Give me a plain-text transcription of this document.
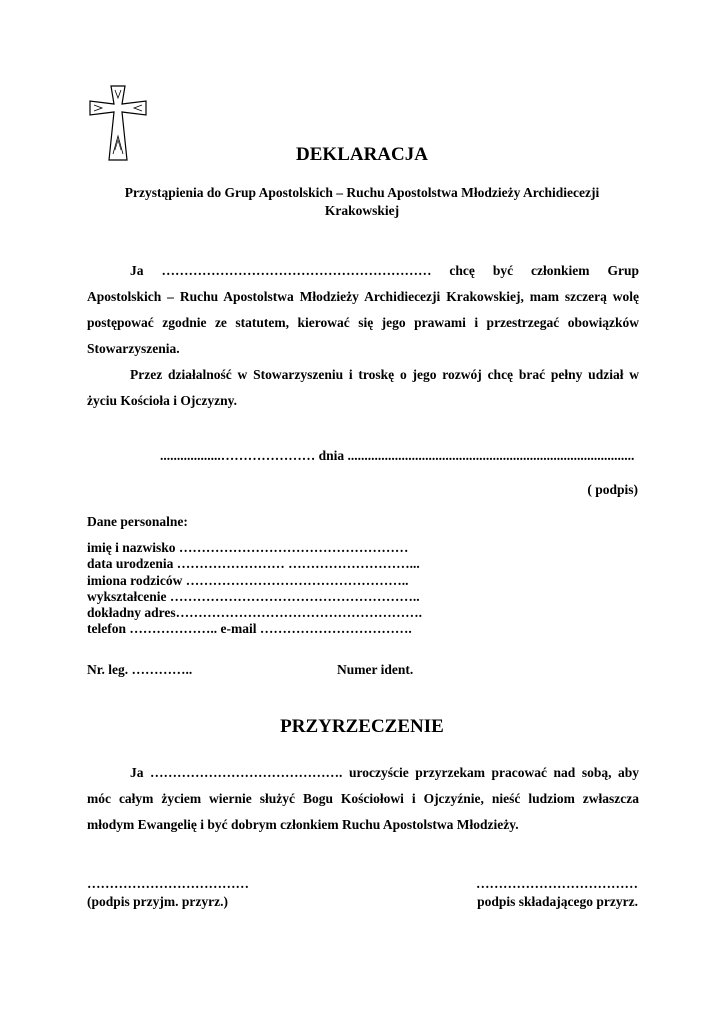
DEKLARACJA
Przystąpienia do Grup Apostolskich – Ruchu Apostolstwa Młodzieży Archidiecezji Krakowskiej

Ja …………………………………………………… chcę być członkiem Grup Apostolskich – Ruchu Apostolstwa Młodzieży Archidiecezji Krakowskiej, mam szczerą wolę postępować zgodnie ze statutem, kierować się jego prawami i przestrzegać obowiązków Stowarzyszenia.

Przez działalność w Stowarzyszeniu i troskę o jego rozwój chcę brać pełny udział w życiu Kościoła i Ojczyzny.

..................………………… dnia .....................................................................................
( podpis)
Dane personalne:
imię i nazwisko ……………………………………………
data urodzenia …………………… ………………………...
imiona rodziców …………………………………………..
wykształcenie ………………………………………………..
dokładny adres……………………………………………….
telefon ……………….. e-mail …………………………….
Nr. leg. …………..	Numer ident.
PRZYRZECZENIE

Ja ……………………………………. uroczyście przyrzekam pracować nad sobą, aby móc całym życiem wiernie służyć Bogu Kościołowi i Ojczyźnie, nieść ludziom zwłaszcza młodym Ewangelię i być dobrym członkiem Ruchu Apostolstwa Młodzieży.

………………………………
(podpis przyjm. przyrz.)
………………………………
podpis składającego przyrz.
